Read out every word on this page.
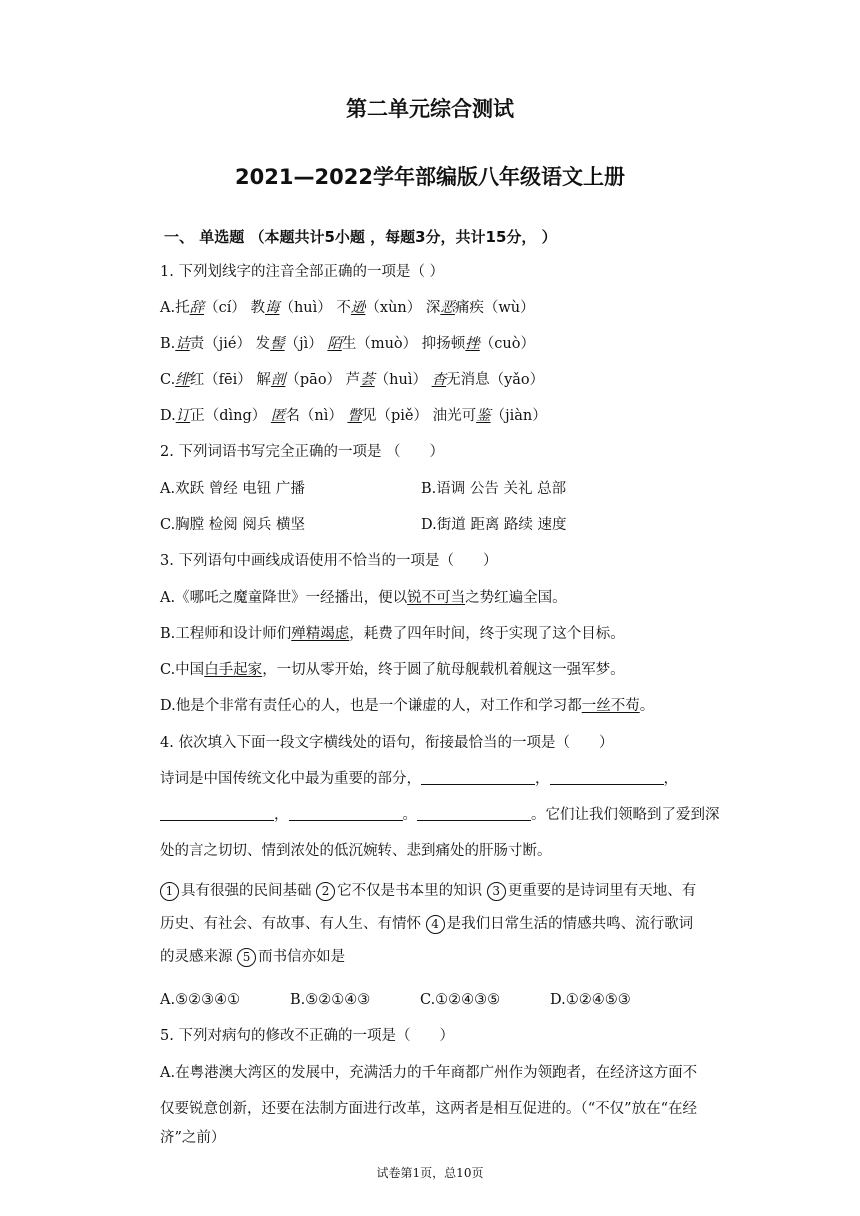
第二单元综合测试
2021—2022学年部编版八年级语文上册
一、 单选题 （本题共计5小题 ，每题3分，共计15分， ）
1. 下列划线字的注音全部正确的一项是（ ）
A.托辞（cí） 教诲（huì） 不逊（xùn） 深恶痛疾（wù）
B.诘责（jié） 发髻（jì） 陌生（muò） 抑扬顿挫（cuò）
C.绯红（fēi） 解剖（pāo） 芦荟（huì） 杳无消息（yǎo）
D.订正（dìng） 匿名（nì） 瞥见（piě） 油光可鉴（jiàn）
2. 下列词语书写完全正确的一项是 （　　）
A.欢跃 曾经 电钮 广播	B.语调 公告 关礼 总部
C.胸膛 检阅 阅兵 横坚	D.街道 距离 路续 速度
3. 下列语句中画线成语使用不恰当的一项是（　　）
A.《哪吒之魔童降世》一经播出，便以锐不可当之势红遍全国。
B.工程师和设计师们殚精竭虑，耗费了四年时间，终于实现了这个目标。
C.中国白手起家，一切从零开始，终于圆了航母舰载机着舰这一强军梦。
D.他是个非常有责任心的人，也是一个谦虚的人，对工作和学习都一丝不苟。
4. 依次填入下面一段文字横线处的语句，衔接最恰当的一项是（　　）
诗词是中国传统文化中最为重要的部分，	，	，
，	。	。它们让我们领略到了爱到深
处的言之切切、情到浓处的低沉婉转、悲到痛处的肝肠寸断。
1 具有很强的民间基础 2 它不仅是书本里的知识 3 更重要的是诗词里有天地、有
历史、有社会、有故事、有人生、有情怀 4 是我们日常生活的情感共鸣、流行歌词
的灵感来源 5 而书信亦如是
A.⑤②③④①	B.⑤②①④③	C.①②④③⑤	D.①②④⑤③
5. 下列对病句的修改不正确的一项是（　　）
A.在粤港澳大湾区的发展中，充满活力的千年商都广州作为领跑者，在经济这方面不
仅要锐意创新，还要在法制方面进行改革，这两者是相互促进的。（“不仅”放在“在经
济”之前）
试卷第1页，总10页
